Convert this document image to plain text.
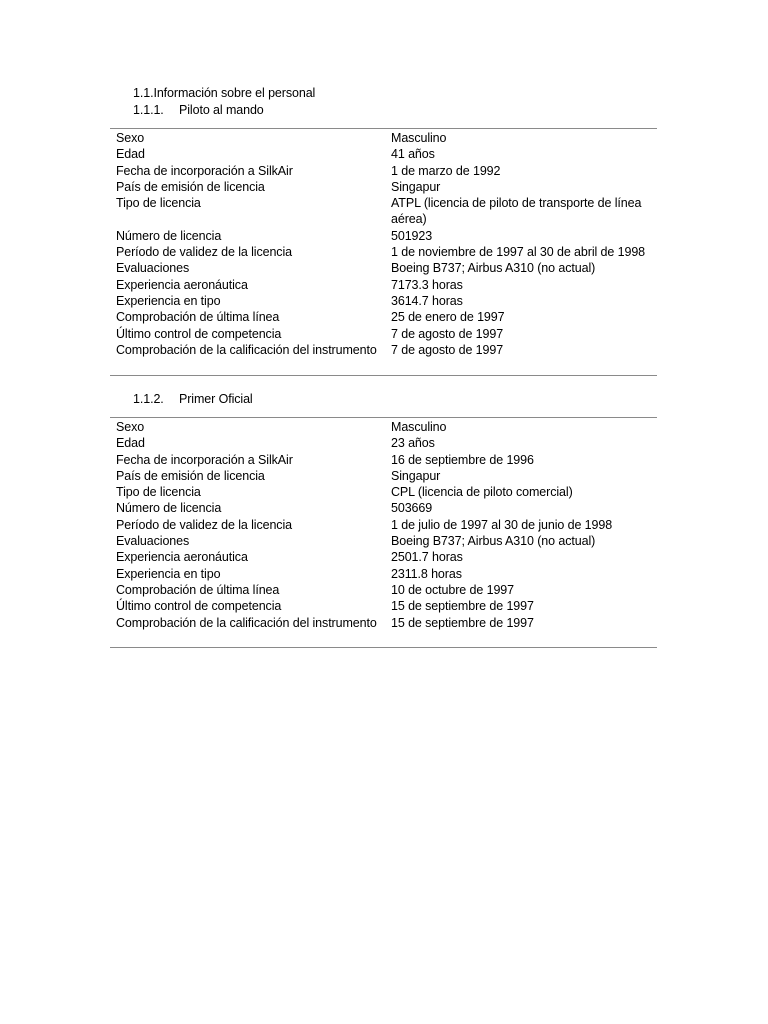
1.1.Información sobre el personal
1.1.1. Piloto al mando
Sexo	Masculino
Edad	41 años
Fecha de incorporación a SilkAir	1 de marzo de 1992
País de emisión de licencia	Singapur
Tipo de licencia	ATPL (licencia de piloto de transporte de línea aérea)
Número de licencia	501923
Período de validez de la licencia	1 de noviembre de 1997 al 30 de abril de 1998
Evaluaciones	Boeing B737; Airbus A310 (no actual)
Experiencia aeronáutica	7173.3 horas
Experiencia en tipo	3614.7 horas
Comprobación de última línea	25 de enero de 1997
Último control de competencia	7 de agosto de 1997
Comprobación de la calificación del instrumento 7 de agosto de 1997
1.1.2. Primer Oficial
Sexo	Masculino
Edad	23 años
Fecha de incorporación a SilkAir	16 de septiembre de 1996
País de emisión de licencia	Singapur
Tipo de licencia	CPL (licencia de piloto comercial)
Número de licencia	503669
Período de validez de la licencia	1 de julio de 1997 al 30 de junio de 1998
Evaluaciones	Boeing B737; Airbus A310 (no actual)
Experiencia aeronáutica	2501.7 horas
Experiencia en tipo	2311.8 horas
Comprobación de última línea	10 de octubre de 1997
Último control de competencia	15 de septiembre de 1997
Comprobación de la calificación del instrumento 15 de septiembre de 1997
